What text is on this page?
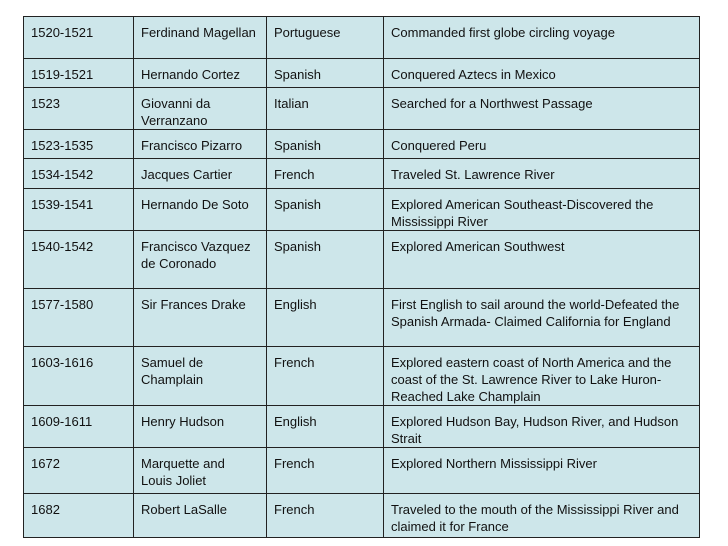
1520-1521	Ferdinand Magellan	Portuguese	Commanded first globe circling voyage
1519-1521	Hernando Cortez	Spanish	Conquered Aztecs in Mexico
1523	Giovanni da Verranzano	Italian	Searched for a Northwest Passage
1523-1535	Francisco Pizarro	Spanish	Conquered Peru
1534-1542	Jacques Cartier	French	Traveled St. Lawrence River
1539-1541	Hernando De Soto	Spanish	Explored American Southeast-Discovered the Mississippi River
1540-1542	Francisco Vazquez de Coronado	Spanish	Explored American Southwest
1577-1580	Sir Frances Drake	English	First English to sail around the world-Defeated the Spanish Armada- Claimed California for England
1603-1616	Samuel de Champlain	French	Explored eastern coast of North America and the coast of the St. Lawrence River to Lake Huron-Reached Lake Champlain
1609-1611	Henry Hudson	English	Explored Hudson Bay, Hudson River, and Hudson Strait
1672	Marquette and Louis Joliet	French	Explored Northern Mississippi River
1682	Robert LaSalle	French	Traveled to the mouth of the Mississippi River and claimed it for France
